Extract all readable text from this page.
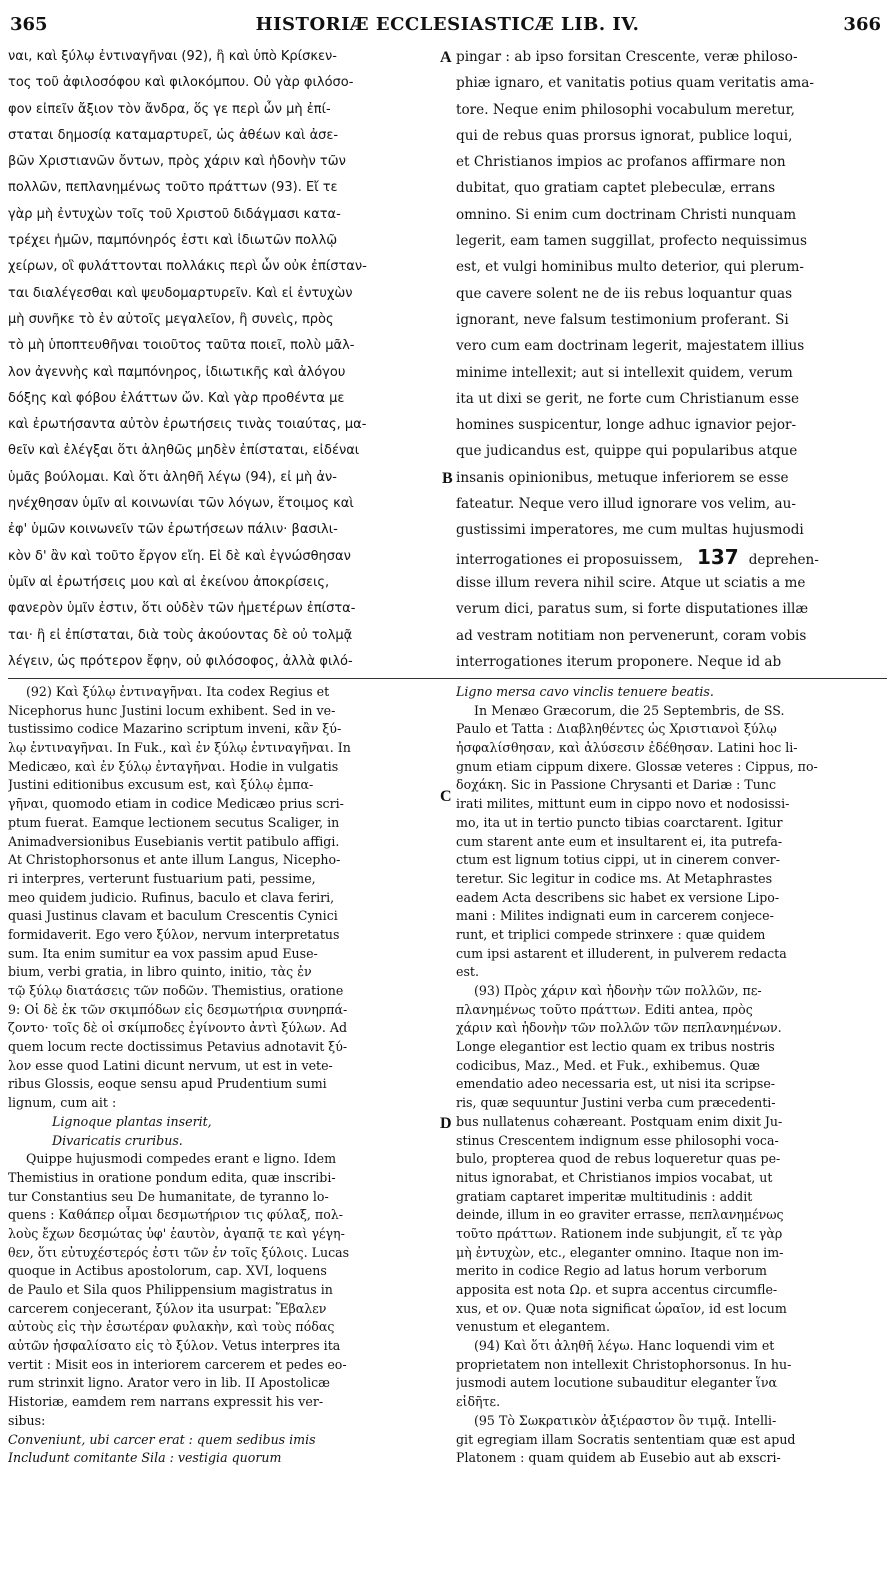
365	HISTORIÆ ECCLESIASTICÆ LIB. IV.	366
ναι, καὶ ξύλῳ ἐντιναγῆναι (92), ἢ καὶ ὑπὸ Κρίσκεν-
τος τοῦ ἀφιλοσόφου καὶ φιλοκόμπου. Οὐ γὰρ φιλόσο-
φον εἰπεῖν ἄξιον τὸν ἄνδρα, ὅς γε περὶ ὧν μὴ ἐπί-
σταται δημοσίᾳ καταμαρτυρεῖ, ὡς ἀθέων καὶ ἀσε-
βῶν Χριστιανῶν ὄντων, πρὸς χάριν καὶ ἡδονὴν τῶν
πολλῶν, πεπλανημένως τοῦτο πράττων (93). Εἴ τε
γὰρ μὴ ἐντυχὼν τοῖς τοῦ Χριστοῦ διδάγμασι κατα-
τρέχει ἡμῶν, παμπόνηρός ἐστι καὶ ἰδιωτῶν πολλῷ
χείρων, οἳ φυλάττονται πολλάκις περὶ ὧν οὐκ ἐπίσταν-
ται διαλέγεσθαι καὶ ψευδομαρτυρεῖν. Καὶ εἰ ἐντυχὼν
μὴ συνῆκε τὸ ἐν αὐτοῖς μεγαλεῖον, ἢ συνεὶς, πρὸς
τὸ μὴ ὑποπτευθῆναι τοιοῦτος ταῦτα ποιεῖ, πολὺ μᾶλ-
λον ἀγεννὴς καὶ παμπόνηρος, ἰδιωτικῆς καὶ ἀλόγου
δόξης καὶ φόβου ἐλάττων ὤν. Καὶ γὰρ προθέντα με
καὶ ἐρωτήσαντα αὐτὸν ἐρωτήσεις τινὰς τοιαύτας, μα-
θεῖν καὶ ἐλέγξαι ὅτι ἀληθῶς μηδὲν ἐπίσταται, εἰδέναι
ὑμᾶς βούλομαι. Καὶ ὅτι ἀληθῆ λέγω (94), εἰ μὴ ἀν-
ηνέχθησαν ὑμῖν αἱ κοινωνίαι τῶν λόγων, ἕτοιμος καὶ
ἐφ' ὑμῶν κοινωνεῖν τῶν ἐρωτήσεων πάλιν· βασιλι-
κὸν δ' ἂν καὶ τοῦτο ἔργον εἴη. Εἰ δὲ καὶ ἐγνώσθησαν
ὑμῖν αἱ ἐρωτήσεις μου καὶ αἱ ἐκείνου ἀποκρίσεις,
φανερὸν ὑμῖν ἐστιν, ὅτι οὐδὲν τῶν ἡμετέρων ἐπίστα-
ται· ἢ εἰ ἐπίσταται, διὰ τοὺς ἀκούοντας δὲ οὐ τολμᾷ
λέγειν, ὡς πρότερον ἔφην, οὐ φιλόσοφος, ἀλλὰ φιλό-
pingar : ab ipso forsitan Crescente, veræ philoso-
phiæ ignaro, et vanitatis potius quam veritatis ama-
tore. Neque enim philosophi vocabulum meretur,
qui de rebus quas prorsus ignorat, publice loqui,
et Christianos impios ac profanos affirmare non
dubitat, quo gratiam captet plebeculæ, errans
omnino. Si enim cum doctrinam Christi nunquam
legerit, eam tamen suggillat, profecto nequissimus
est, et vulgi hominibus multo deterior, qui plerum-
que cavere solent ne de iis rebus loquantur quas
ignorant, neve falsum testimonium proferant. Si
vero cum eam doctrinam legerit, majestatem illius
minime intellexit; aut si intellexit quidem, verum
ita ut dixi se gerit, ne forte cum Christianum esse
homines suspicentur, longe adhuc ignavior pejor-
que judicandus est, quippe qui popularibus atque
insanis opinionibus, metuque inferiorem se esse
fateatur. Neque vero illud ignorare vos velim, au-
gustissimi imperatores, me cum multas hujusmodi
interrogationes ei proposuissem, 137 deprehen-
disse illum revera nihil scire. Atque ut sciatis a me
verum dici, paratus sum, si forte disputationes illæ
ad vestram notitiam non pervenerunt, coram vobis
interrogationes iterum proponere. Neque id ab
A
B
C
D
(92) Καὶ ξύλῳ ἐντιναγῆναι. Ita codex Regius et
Nicephorus hunc Justini locum exhibent. Sed in ve-
tustissimo codice Mazarino scriptum inveni, κἂν ξύ-
λῳ ἐντιναγῆναι. In Fuk., καὶ ἐν ξύλῳ ἐντιναγῆναι. In
Medicæo, καὶ ἐν ξύλῳ ἐνταγῆναι. Hodie in vulgatis
Justini editionibus excusum est, καὶ ξύλῳ ἐμπα-
γῆναι, quomodo etiam in codice Medicæo prius scri-
ptum fuerat. Eamque lectionem secutus Scaliger, in
Animadversionibus Eusebianis vertit patibulo affigi.
At Christophorsonus et ante illum Langus, Nicepho-
ri interpres, verterunt fustuarium pati, pessime,
meo quidem judicio. Rufinus, baculo et clava feriri,
quasi Justinus clavam et baculum Crescentis Cynici
formidaverit. Ego vero ξύλον, nervum interpretatus
sum. Ita enim sumitur ea vox passim apud Euse-
bium, verbi gratia, in libro quinto, initio, τὰς ἐν
τῷ ξύλῳ διατάσεις τῶν ποδῶν. Themistius, oratione
9: Οἱ δὲ ἐκ τῶν σκιμπόδων εἰς δεσμωτήρια συνηρπά-
ζοντο· τοῖς δὲ οἱ σκίμποδες ἐγίνοντο ἀντὶ ξύλων. Ad
quem locum recte doctissimus Petavius adnotavit ξύ-
λον esse quod Latini dicunt nervum, ut est in vete-
ribus Glossis, eoque sensu apud Prudentium sumi
lignum, cum ait :
Lignoque plantas inserit,
Divaricatis cruribus.
Quippe hujusmodi compedes erant e ligno. Idem
Themistius in oratione pondum edita, quæ inscribi-
tur Constantius seu De humanitate, de tyranno lo-
quens : Καθάπερ οἶμαι δεσμωτήριον τις φύλαξ, πολ-
λοὺς ἔχων δεσμώτας ὑφ' ἑαυτὸν, ἀγαπᾷ τε καὶ γέγη-
θεν, ὅτι εὐτυχέστερός ἐστι τῶν ἐν τοῖς ξύλοις. Lucas
quoque in Actibus apostolorum, cap. XVI, loquens
de Paulo et Sila quos Philippensium magistratus in
carcerem conjecerant, ξύλον ita usurpat: Ἔβαλεν
αὐτοὺς εἰς τὴν ἐσωτέραν φυλακὴν, καὶ τοὺς πόδας
αὐτῶν ἠσφαλίσατο εἰς τὸ ξύλον. Vetus interpres ita
vertit : Misit eos in interiorem carcerem et pedes eo-
rum strinxit ligno. Arator vero in lib. II Apostolicæ
Historiæ, eamdem rem narrans expressit his ver-
sibus:
Conveniunt, ubi carcer erat : quem sedibus imis
Includunt comitante Sila : vestigia quorum
Ligno mersa cavo vinclis tenuere beatis.
In Menæo Græcorum, die 25 Septembris, de SS.
Paulo et Tatta : Διαβληθέντες ὡς Χριστιανοὶ ξύλῳ
ἠσφαλίσθησαν, καὶ ἁλύσεσιν ἐδέθησαν. Latini hoc li-
gnum etiam cippum dixere. Glossæ veteres : Cippus, πο-
δοχάκη. Sic in Passione Chrysanti et Dariæ : Tunc
irati milites, mittunt eum in cippo novo et nodosissi-
mo, ita ut in tertio puncto tibias coarctarent. Igitur
cum starent ante eum et insultarent ei, ita putrefa-
ctum est lignum totius cippi, ut in cinerem conver-
teretur. Sic legitur in codice ms. At Metaphrastes
eadem Acta describens sic habet ex versione Lipo-
mani : Milites indignati eum in carcerem conjece-
runt, et triplici compede strinxere : quæ quidem
cum ipsi astarent et illuderent, in pulverem redacta
est.
(93) Πρὸς χάριν καὶ ἡδονὴν τῶν πολλῶν, πε-
πλανημένως τοῦτο πράττων. Editi antea, πρὸς
χάριν καὶ ἡδονὴν τῶν πολλῶν τῶν πεπλανημένων.
Longe elegantior est lectio quam ex tribus nostris
codicibus, Maz., Med. et Fuk., exhibemus. Quæ
emendatio adeo necessaria est, ut nisi ita scripse-
ris, quæ sequuntur Justini verba cum præcedenti-
bus nullatenus cohæreant. Postquam enim dixit Ju-
stinus Crescentem indignum esse philosophi voca-
bulo, propterea quod de rebus loqueretur quas pe-
nitus ignorabat, et Christianos impios vocabat, ut
gratiam captaret imperitæ multitudinis : addit
deinde, illum in eo graviter errasse, πεπλανημένως
τοῦτο πράττων. Rationem inde subjungit, εἴ τε γὰρ
μὴ ἐντυχὼν, etc., eleganter omnino. Itaque non im-
merito in codice Regio ad latus horum verborum
apposita est nota Ωρ. et supra accentus circumfle-
xus, et ον. Quæ nota significat ὡραῖον, id est locum
venustum et elegantem.
(94) Καὶ ὅτι ἀληθῆ λέγω. Hanc loquendi vim et
proprietatem non intellexit Christophorsonus. In hu-
jusmodi autem locutione subauditur eleganter ἵνα
εἰδῆτε.
(95 Τὸ Σωκρατικὸν ἀξιέραστον ὂν τιμᾷ. Intelli-
git egregiam illam Socratis sententiam quæ est apud
Platonem : quam quidem ab Eusebio aut ab exscri-
